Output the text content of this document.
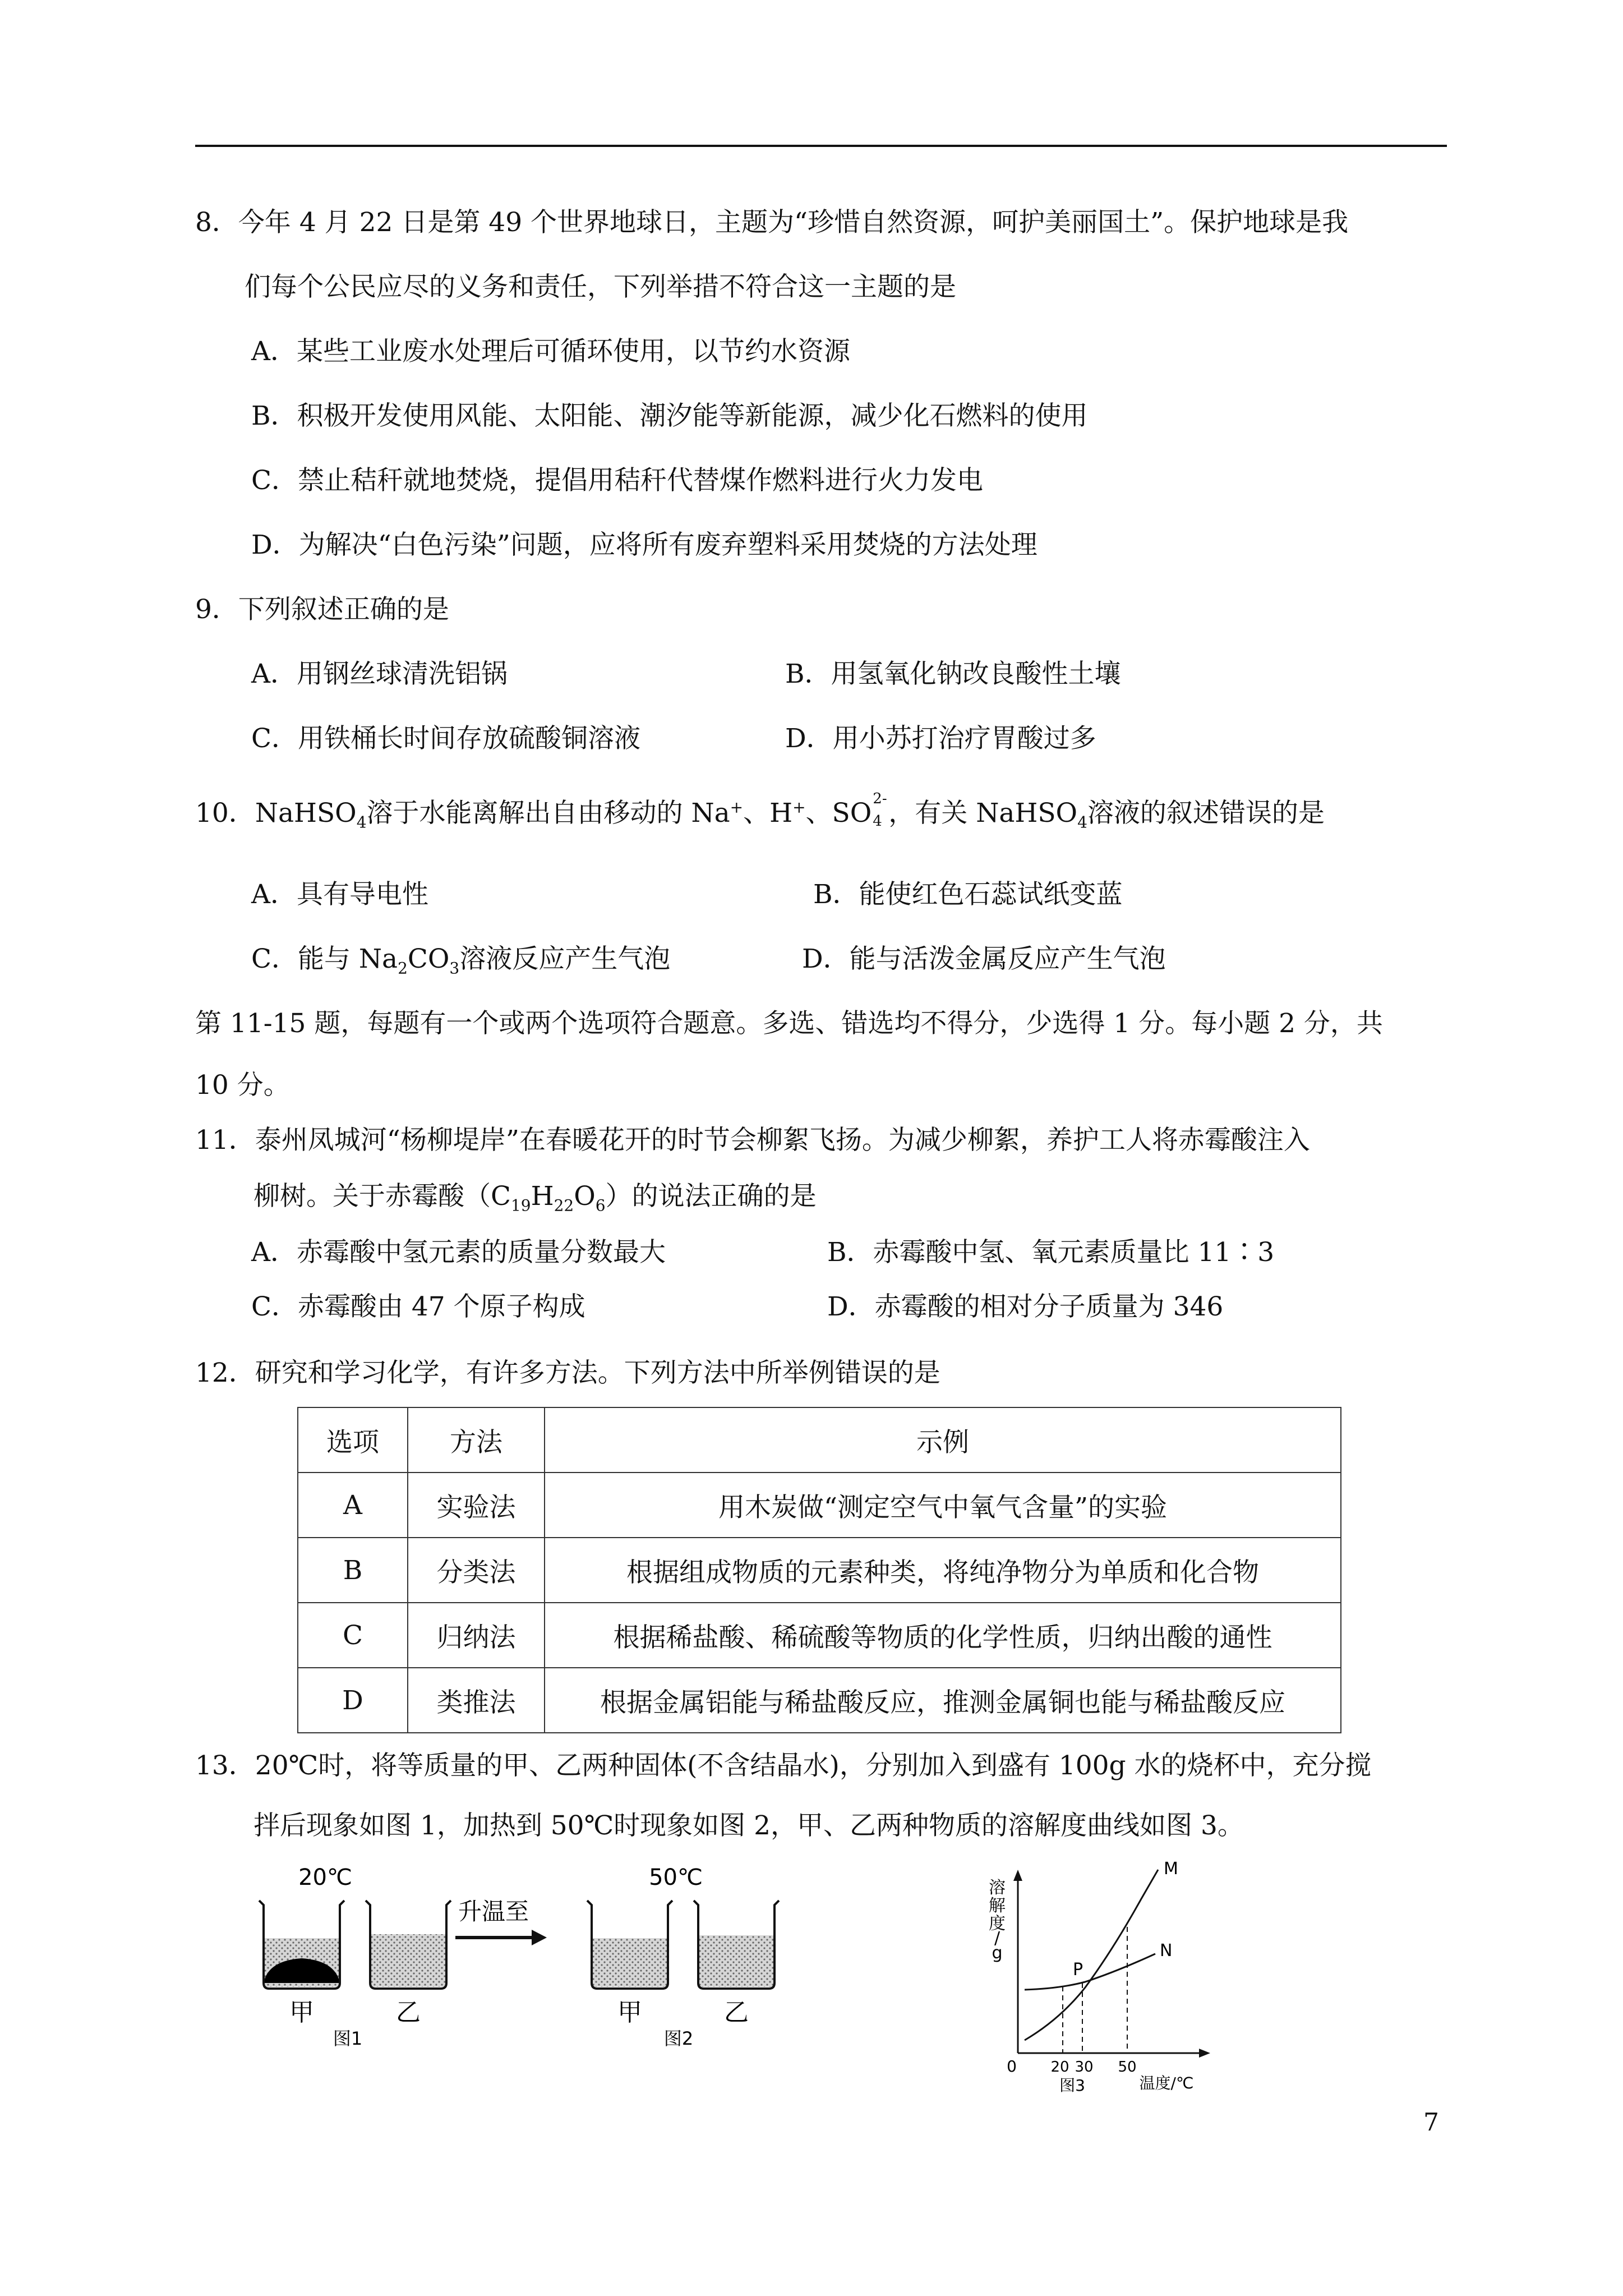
8．今年 4 月 22 日是第 49 个世界地球日，主题为“珍惜自然资源，呵护美丽国土”。保护地球是我
们每个公民应尽的义务和责任，下列举措不符合这一主题的是
A．某些工业废水处理后可循环使用，以节约水资源
B．积极开发使用风能、太阳能、潮汐能等新能源，减少化石燃料的使用
C．禁止秸秆就地焚烧，提倡用秸秆代替煤作燃料进行火力发电
D．为解决“白色污染”问题，应将所有废弃塑料采用焚烧的方法处理
9．下列叙述正确的是
A．用钢丝球清洗铝锅	B．用氢氧化钠改良酸性土壤
C．用铁桶长时间存放硫酸铜溶液	D．用小苏打治疗胃酸过多
10．NaHSO$_4$溶于水能离解出自由移动的 Na+、H+、SO 2-
4 ，有关 NaHSO$_4$溶液的叙述错误的是
A．具有导电性	B．能使红色石蕊试纸变蓝
C．能与 $Na_2CO_3$溶液反应产生气泡	D．能与活泼金属反应产生气泡
第 11-15 题，每题有一个或两个选项符合题意。多选、错选均不得分，少选得 1 分。每小题 2 分，共
10 分。
11．泰州凤城河“杨柳堤岸”在春暖花开的时节会柳絮飞扬。为减少柳絮，养护工人将赤霉酸注入
柳树。关于赤霉酸$(C_{19}H_{22}O_6)$的说法正确的是
A．赤霉酸中氢元素的质量分数最大	B．赤霉酸中氢、氧元素质量比 11∶3
C．赤霉酸由 47 个原子构成	D．赤霉酸的相对分子质量为 346
12．研究和学习化学，有许多方法。下列方法中所举例错误的是
选项	方法	示例
A	实验法	用木炭做“测定空气中氧气含量”的实验
B	分类法	根据组成物质的元素种类，将纯净物分为单质和化合物
C	归纳法	根据稀盐酸、稀硫酸等物质的化学性质，归纳出酸的通性
D	类推法	根据金属铝能与稀盐酸反应，推测金属铜也能与稀盐酸反应
13．20℃时，将等质量的甲、乙两种固体(不含结晶水)，分别加入到盛有 100g 水的烧杯中，充分搅
拌后现象如图 1，加热到 50℃时现象如图 2，甲、乙两种物质的溶解度曲线如图 3。
20℃	50℃
升温至
甲	乙	甲	乙
图1	图2
溶
解
度
/
g
M
N
P
0 20 30 50
温度/℃
图3
7
